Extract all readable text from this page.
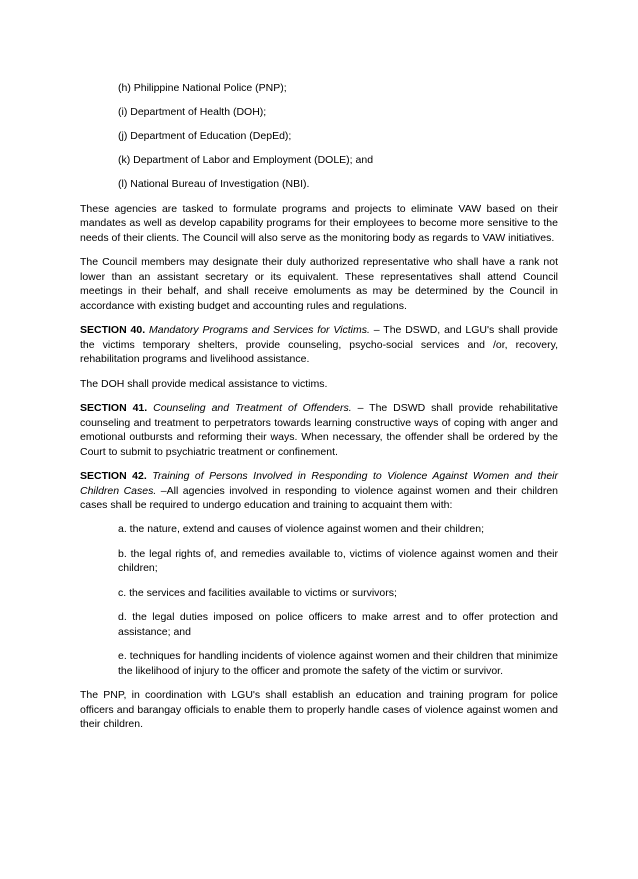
(h) Philippine National Police (PNP);
(i) Department of Health (DOH);
(j) Department of Education (DepEd);
(k) Department of Labor and Employment (DOLE); and
(l) National Bureau of Investigation (NBI).

These agencies are tasked to formulate programs and projects to eliminate VAW based on their mandates as well as develop capability programs for their employees to become more sensitive to the needs of their clients. The Council will also serve as the monitoring body as regards to VAW initiatives.

The Council members may designate their duly authorized representative who shall have a rank not lower than an assistant secretary or its equivalent. These representatives shall attend Council meetings in their behalf, and shall receive emoluments as may be determined by the Council in accordance with existing budget and accounting rules and regulations.

SECTION 40. Mandatory Programs and Services for Victims. – The DSWD, and LGU's shall provide the victims temporary shelters, provide counseling, psycho-social services and /or, recovery, rehabilitation programs and livelihood assistance.

The DOH shall provide medical assistance to victims.

SECTION 41. Counseling and Treatment of Offenders. – The DSWD shall provide rehabilitative counseling and treatment to perpetrators towards learning constructive ways of coping with anger and emotional outbursts and reforming their ways. When necessary, the offender shall be ordered by the Court to submit to psychiatric treatment or confinement.

SECTION 42. Training of Persons Involved in Responding to Violence Against Women and their Children Cases. –All agencies involved in responding to violence against women and their children cases shall be required to undergo education and training to acquaint them with:

a. the nature, extend and causes of violence against women and their children;
b. the legal rights of, and remedies available to, victims of violence against women and their children;
c. the services and facilities available to victims or survivors;
d. the legal duties imposed on police officers to make arrest and to offer protection and assistance; and
e. techniques for handling incidents of violence against women and their children that minimize the likelihood of injury to the officer and promote the safety of the victim or survivor.

The PNP, in coordination with LGU's shall establish an education and training program for police officers and barangay officials to enable them to properly handle cases of violence against women and their children.
